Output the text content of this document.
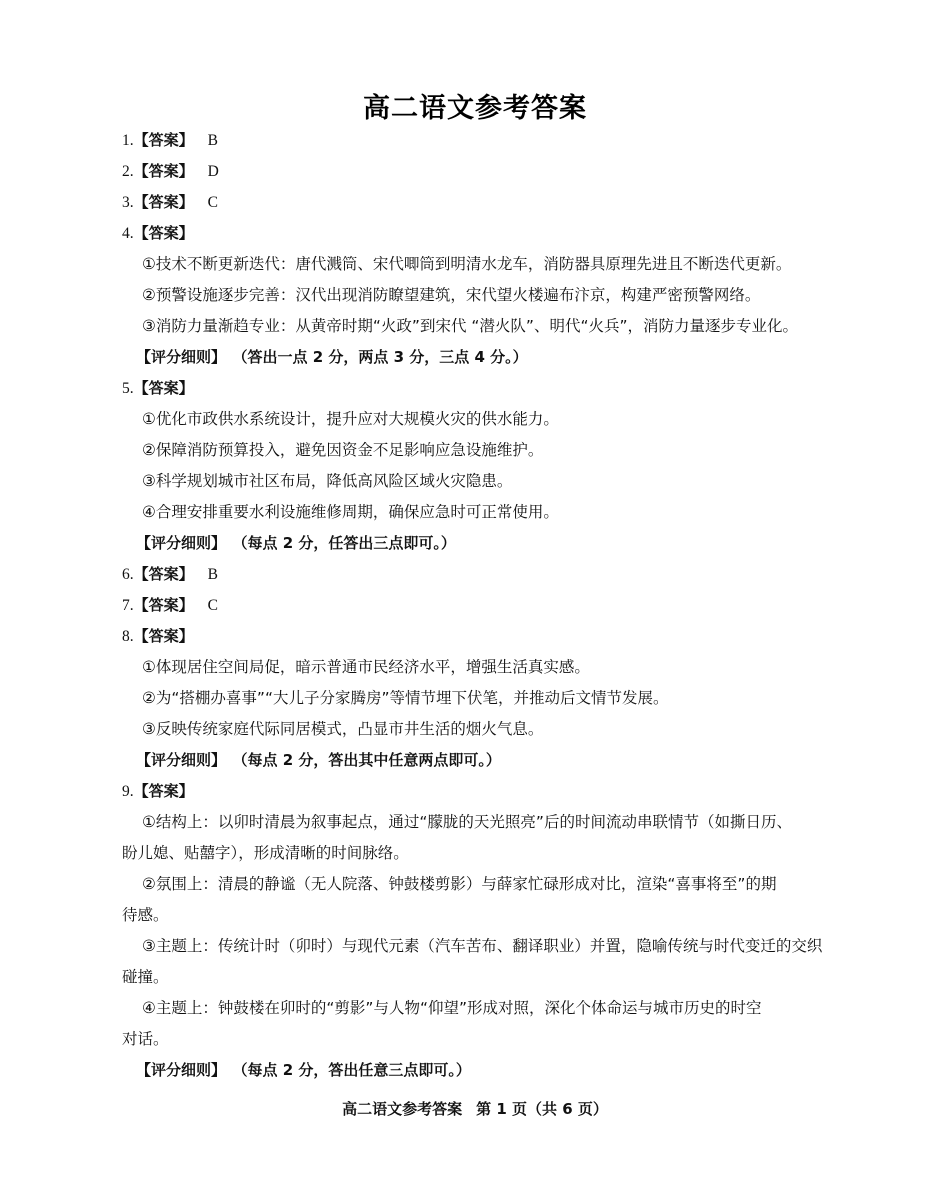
高二语文参考答案
1.【答案】 B
2.【答案】 D
3.【答案】 C
4.【答案】
①技术不断更新迭代：唐代溅筒、宋代唧筒到明清水龙车，消防器具原理先进且不断迭代更新。
②预警设施逐步完善：汉代出现消防瞭望建筑，宋代望火楼遍布汴京，构建严密预警网络。
③消防力量渐趋专业：从黄帝时期“火政”到宋代 “潜火队”、明代“火兵”，消防力量逐步专业化。
【评分细则】 （答出一点 2 分，两点 3 分，三点 4 分。）
5.【答案】
①优化市政供水系统设计，提升应对大规模火灾的供水能力。
②保障消防预算投入，避免因资金不足影响应急设施维护。
③科学规划城市社区布局，降低高风险区域火灾隐患。
④合理安排重要水利设施维修周期，确保应急时可正常使用。
【评分细则】 （每点 2 分，任答出三点即可。）
6.【答案】 B
7.【答案】 C
8.【答案】
①体现居住空间局促，暗示普通市民经济水平，增强生活真实感。
②为“搭棚办喜事”“大儿子分家腾房”等情节埋下伏笔，并推动后文情节发展。
③反映传统家庭代际同居模式，凸显市井生活的烟火气息。
【评分细则】 （每点 2 分，答出其中任意两点即可。）
9.【答案】
①结构上：以卯时清晨为叙事起点，通过“朦胧的天光照亮”后的时间流动串联情节（如撕日历、
盼儿媳、贴囍字），形成清晰的时间脉络。
②氛围上：清晨的静谧（无人院落、钟鼓楼剪影）与薛家忙碌形成对比，渲染“喜事将至”的期
待感。
③主题上：传统计时（卯时）与现代元素（汽车苦布、翻译职业）并置，隐喻传统与时代变迁的交织
碰撞。
④主题上：钟鼓楼在卯时的“剪影”与人物“仰望”形成对照，深化个体命运与城市历史的时空
对话。
【评分细则】 （每点 2 分，答出任意三点即可。）
高二语文参考答案 第 1 页（共 6 页）
